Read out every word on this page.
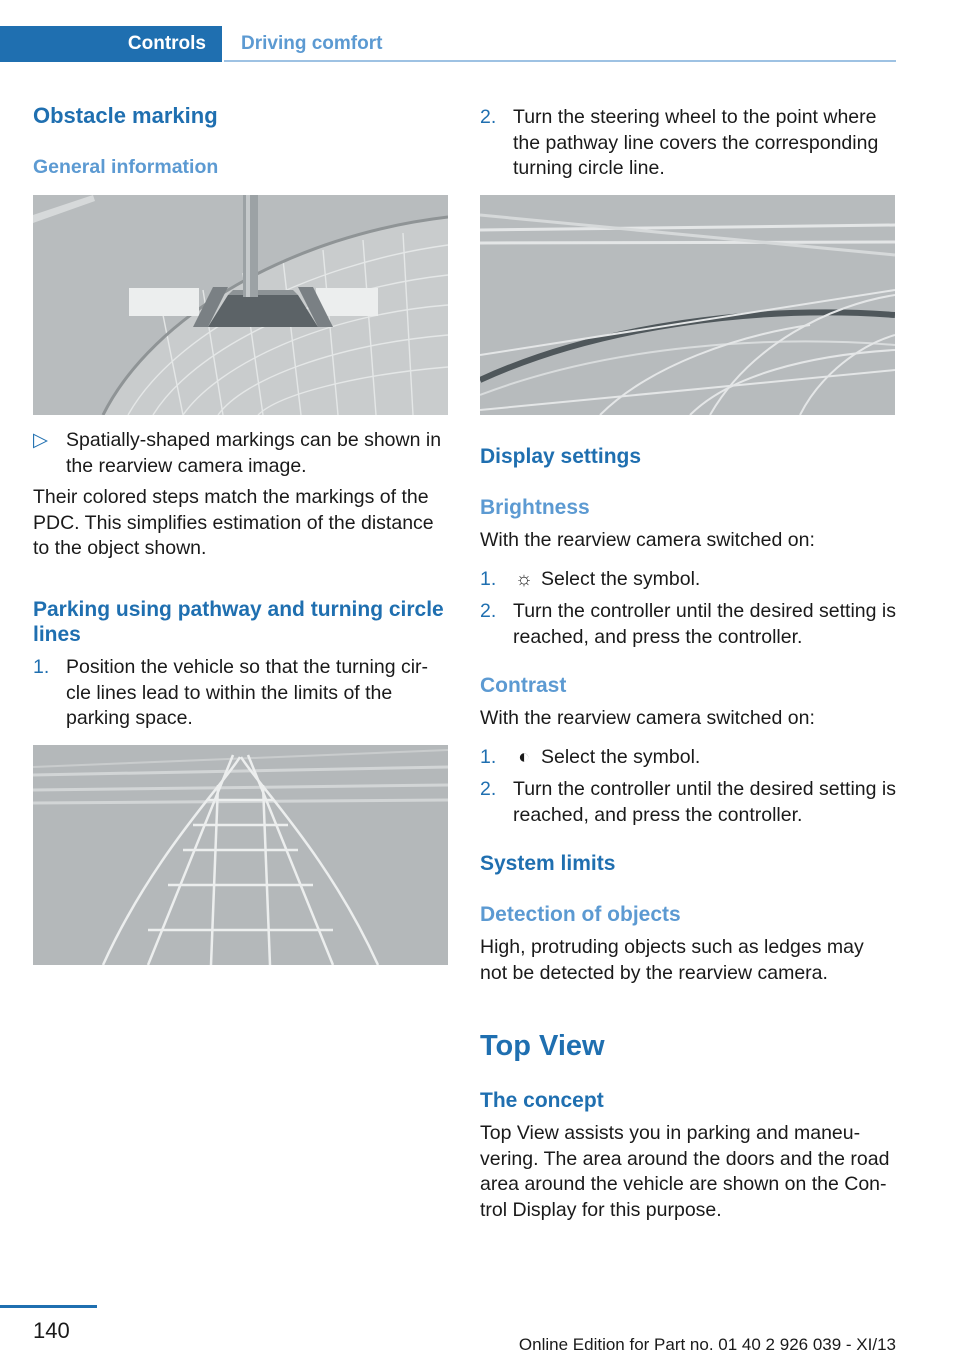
Controls Driving comfort
Obstacle marking
General information
▷ Spatially-shaped markings can be shown in the rearview camera image.

Their colored steps match the markings of the PDC. This simplifies estimation of the distance to the object shown.

Parking using pathway and turning circle lines
1. Position the vehicle so that the turning cir-cle lines lead to within the limits of the parking space.
2. Turn the steering wheel to the point where the pathway line covers the corresponding turning circle line.
Display settings
Brightness

With the rearview camera switched on:

1. ☼ Select the symbol.
2. Turn the controller until the desired setting is reached, and press the controller.
Contrast

With the rearview camera switched on:

1.	◐ Select the symbol.
2. Turn the controller until the desired setting is reached, and press the controller.
System limits
Detection of objects

High, protruding objects such as ledges may not be detected by the rearview camera.

Top View
The concept

Top View assists you in parking and maneu-vering. The area around the doors and the road area around the vehicle are shown on the Con-trol Display for this purpose.

140
Online Edition for Part no. 01 40 2 926 039 - XI/13
